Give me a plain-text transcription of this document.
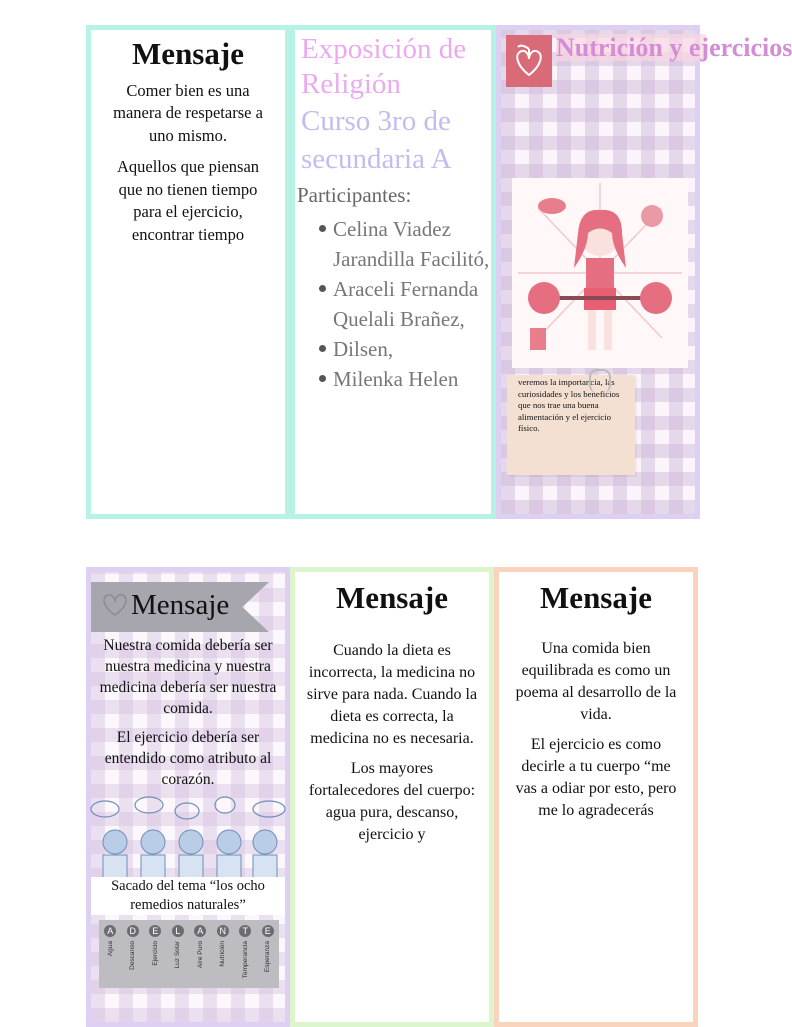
Mensaje

Comer bien es una manera de respetarse a uno mismo.

Aquellos que piensan que no tienen tiempo para el ejercicio, encontrar tiempo

Exposición de Religión
Curso 3ro de secundaria A
Participantes:
Celina Viadez Jarandilla Facilitó,
Araceli Fernanda Quelali Brañez,
Dilsen,
Milenka Helen
Nutrición y ejercicios
veremos la importancia, las curiosidades y los beneficios que nos trae una buena alimentación y el ejercicio físico.
Mensaje

Nuestra comida debería ser nuestra medicina y nuestra medicina debería ser nuestra comida.

El ejercicio debería ser entendido como atributo al corazón.

Sacado del tema “los ocho remedios naturales”

A
Agua
D
Descanso
E
Ejercicio
L
Luz Solar
A
Aire Puro
N
Nutrición
T
Temperancia
E
Esperanza
Mensaje

Cuando la dieta es incorrecta, la medicina no sirve para nada. Cuando la dieta es correcta, la medicina no es necesaria.

Los mayores fortalecedores del cuerpo: agua pura, descanso, ejercicio y

Mensaje

Una comida bien equilibrada es como un poema al desarrollo de la vida.

El ejercicio es como decirle a tu cuerpo “me vas a odiar por esto, pero me lo agradecerás
